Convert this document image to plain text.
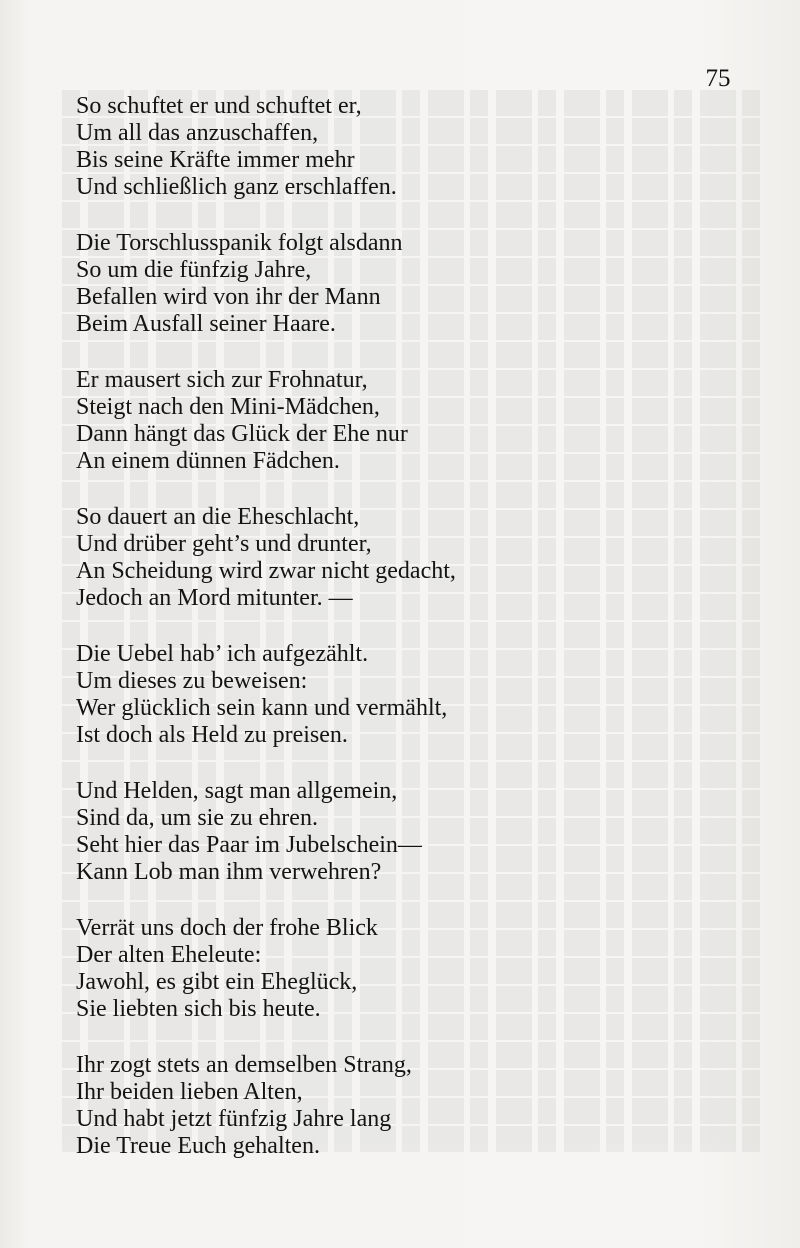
75
So schuftet er und schuftet er,
Um all das anzuschaffen,
Bis seine Kräfte immer mehr
Und schließlich ganz erschlaffen.
Die Torschlusspanik folgt alsdann
So um die fünfzig Jahre,
Befallen wird von ihr der Mann
Beim Ausfall seiner Haare.
Er mausert sich zur Frohnatur,
Steigt nach den Mini-Mädchen,
Dann hängt das Glück der Ehe nur
An einem dünnen Fädchen.
So dauert an die Eheschlacht,
Und drüber geht’s und drunter,
An Scheidung wird zwar nicht gedacht,
Jedoch an Mord mitunter. —
Die Uebel hab’ ich aufgezählt.
Um dieses zu beweisen:
Wer glücklich sein kann und vermählt,
Ist doch als Held zu preisen.
Und Helden, sagt man allgemein,
Sind da, um sie zu ehren.
Seht hier das Paar im Jubelschein—
Kann Lob man ihm verwehren?
Verrät uns doch der frohe Blick
Der alten Eheleute:
Jawohl, es gibt ein Eheglück,
Sie liebten sich bis heute.
Ihr zogt stets an demselben Strang,
Ihr beiden lieben Alten,
Und habt jetzt fünfzig Jahre lang
Die Treue Euch gehalten.
